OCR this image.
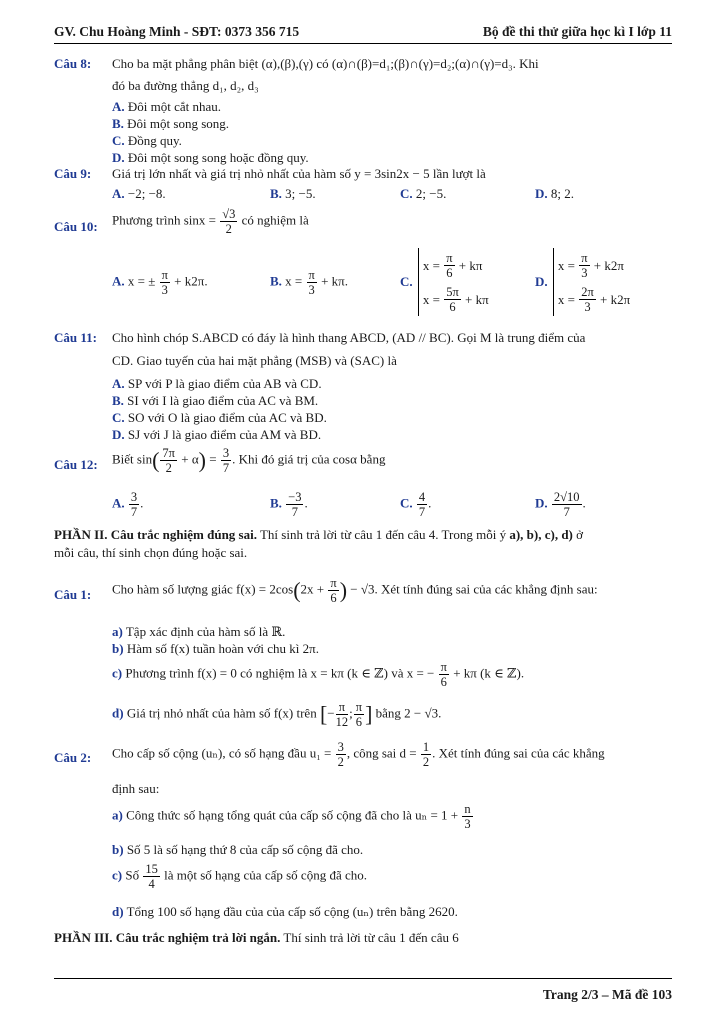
GV. Chu Hoàng Minh - SĐT: 0373 356 715	Bộ đề thi thử giữa học kì I lớp 11
Câu 8: Cho ba mặt phẳng phân biệt (α),(β),(γ) có (α)∩(β)=d₁;(β)∩(γ)=d₂;(α)∩(γ)=d₃. Khi
đó ba đường thẳng d₁, d₂, d₃
A. Đôi một cắt nhau.
B. Đôi một song song.
C. Đồng quy.
D. Đôi một song song hoặc đồng quy.
Câu 9: Giá trị lớn nhất và giá trị nhỏ nhất của hàm số y = 3sin2x − 5 lần lượt là
A. −2; −8.	B. 3; −5.	C. 2; −5.	D. 8; 2.
Câu 10: Phương trình $\sin x = \frac{√3}{2}$ có nghiệm là
A. x = ± $\frac{\pi}{3} + k2\pi$.	B. $x = \frac{\pi}{3} + k\pi$.	C.
x =
$\frac{\pi}{6}$
+ kπ
x =
$\frac{5\pi}{6}$
+ kπ
D.
x =
$\frac{\pi}{3}$
+ k2π
x =
$\frac{2\pi}{3}$
+ k2π
Câu 11: Cho hình chóp S.ABCD có đáy là hình thang ABCD, (AD // BC). Gọi M là trung điểm của
CD. Giao tuyến của hai mặt phẳng (MSB) và (SAC) là
A. SP với P là giao điểm của AB và CD.
B. SI với I là giao điểm của AC và BM.
C. SO với O là giao điểm của AC và BD.
D. SJ với J là giao điểm của AM và BD.
Câu 12: Biết $\sin( \frac{7\pi}{2} + \alpha) = \frac{3}{7}$ . Khi đó giá trị của cosα bằng
A. $\frac{3}{7}$ .	B. $\frac{-3}{7}$ .	C. $\frac{4}{7}$ .	D. $\frac{2√10}{7}$ .
PHẦN II. Câu trắc nghiệm đúng sai. Thí sinh trả lời từ câu 1 đến câu 4. Trong mỗi ý a), b), c), d) ở
mỗi câu, thí sinh chọn đúng hoặc sai.
Câu 1: Cho hàm số lượng giác $f(x) = 2\cos(2x + \frac{\pi}{6}$ ) − √3. Xét tính đúng sai của các khẳng định sau:
a) Tập xác định của hàm số là ℝ.
b) Hàm số f(x) tuần hoàn với chu kì 2π.
c) Phương trình f(x) = 0 có nghiệm là x = kπ (k ∈ ℤ) và x = − $\frac{\pi}{6} + k\pi$ (k ∈ ℤ).
d) Giá trị nhỏ nhất của hàm số f(x) trên [− $\frac{\pi}{12}$ ; $\frac{\pi}{6}$ ] bằng 2 − √3.
Câu 2: Cho cấp số cộng (uₙ), có số hạng đầu $u_1 = \frac{3}{2}$ , công sai $d = \frac{1}{2}$ . Xét tính đúng sai của các khẳng
định sau:
a) Công thức số hạng tổng quát của cấp số cộng đã cho là $u_n = 1 + \frac{n}{3}$
b) Số 5 là số hạng thứ 8 của cấp số cộng đã cho.
c) Số $\frac{15}{4}$ là một số hạng của cấp số cộng đã cho.
d) Tổng 100 số hạng đầu của của cấp số cộng (uₙ) trên bằng 2620.
PHẦN III. Câu trắc nghiệm trả lời ngắn. Thí sinh trả lời từ câu 1 đến câu 6
Trang 2/3 – Mã đề 103
